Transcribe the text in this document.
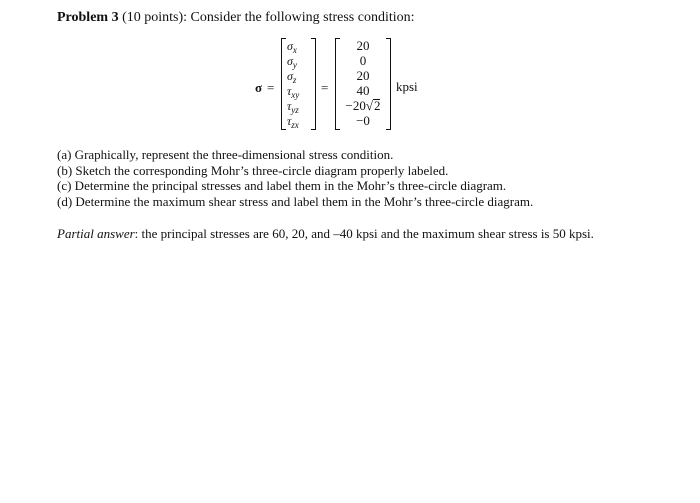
Problem 3 (10 points): Consider the following stress condition:
σ =
$\sigma_x$
$\sigma_y$
$\sigma_z$
$\tau_{xy}$
$\tau_{yz}$
$\tau_{zx}$
=
20
0
20
40
−20√2
−0
kpsi
(a) Graphically, represent the three-dimensional stress condition.
(b) Sketch the corresponding Mohr’s three-circle diagram properly labeled.
(c) Determine the principal stresses and label them in the Mohr’s three-circle diagram.
(d) Determine the maximum shear stress and label them in the Mohr’s three-circle diagram.
Partial answer: the principal stresses are 60, 20, and –40 kpsi and the maximum shear stress is 50 kpsi.
